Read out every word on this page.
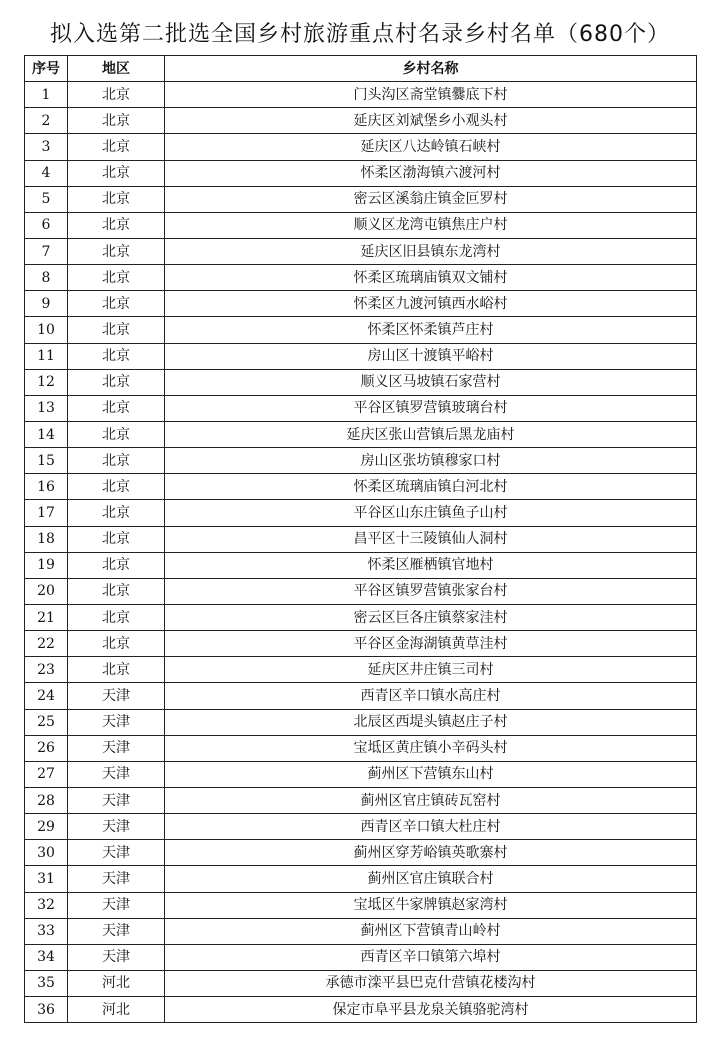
拟入选第二批选全国乡村旅游重点村名录乡村名单（680个）
序号	地区	乡村名称
1	北京	门头沟区斋堂镇爨底下村
2	北京	延庆区刘斌堡乡小观头村
3	北京	延庆区八达岭镇石峡村
4	北京	怀柔区渤海镇六渡河村
5	北京	密云区溪翁庄镇金叵罗村
6	北京	顺义区龙湾屯镇焦庄户村
7	北京	延庆区旧县镇东龙湾村
8	北京	怀柔区琉璃庙镇双文铺村
9	北京	怀柔区九渡河镇西水峪村
10	北京	怀柔区怀柔镇芦庄村
11	北京	房山区十渡镇平峪村
12	北京	顺义区马坡镇石家营村
13	北京	平谷区镇罗营镇玻璃台村
14	北京	延庆区张山营镇后黑龙庙村
15	北京	房山区张坊镇穆家口村
16	北京	怀柔区琉璃庙镇白河北村
17	北京	平谷区山东庄镇鱼子山村
18	北京	昌平区十三陵镇仙人洞村
19	北京	怀柔区雁栖镇官地村
20	北京	平谷区镇罗营镇张家台村
21	北京	密云区巨各庄镇蔡家洼村
22	北京	平谷区金海湖镇黄草洼村
23	北京	延庆区井庄镇三司村
24	天津	西青区辛口镇水高庄村
25	天津	北辰区西堤头镇赵庄子村
26	天津	宝坻区黄庄镇小辛码头村
27	天津	蓟州区下营镇东山村
28	天津	蓟州区官庄镇砖瓦窑村
29	天津	西青区辛口镇大杜庄村
30	天津	蓟州区穿芳峪镇英歌寨村
31	天津	蓟州区官庄镇联合村
32	天津	宝坻区牛家牌镇赵家湾村
33	天津	蓟州区下营镇青山岭村
34	天津	西青区辛口镇第六埠村
35	河北	承德市滦平县巴克什营镇花楼沟村
36	河北	保定市阜平县龙泉关镇骆驼湾村
